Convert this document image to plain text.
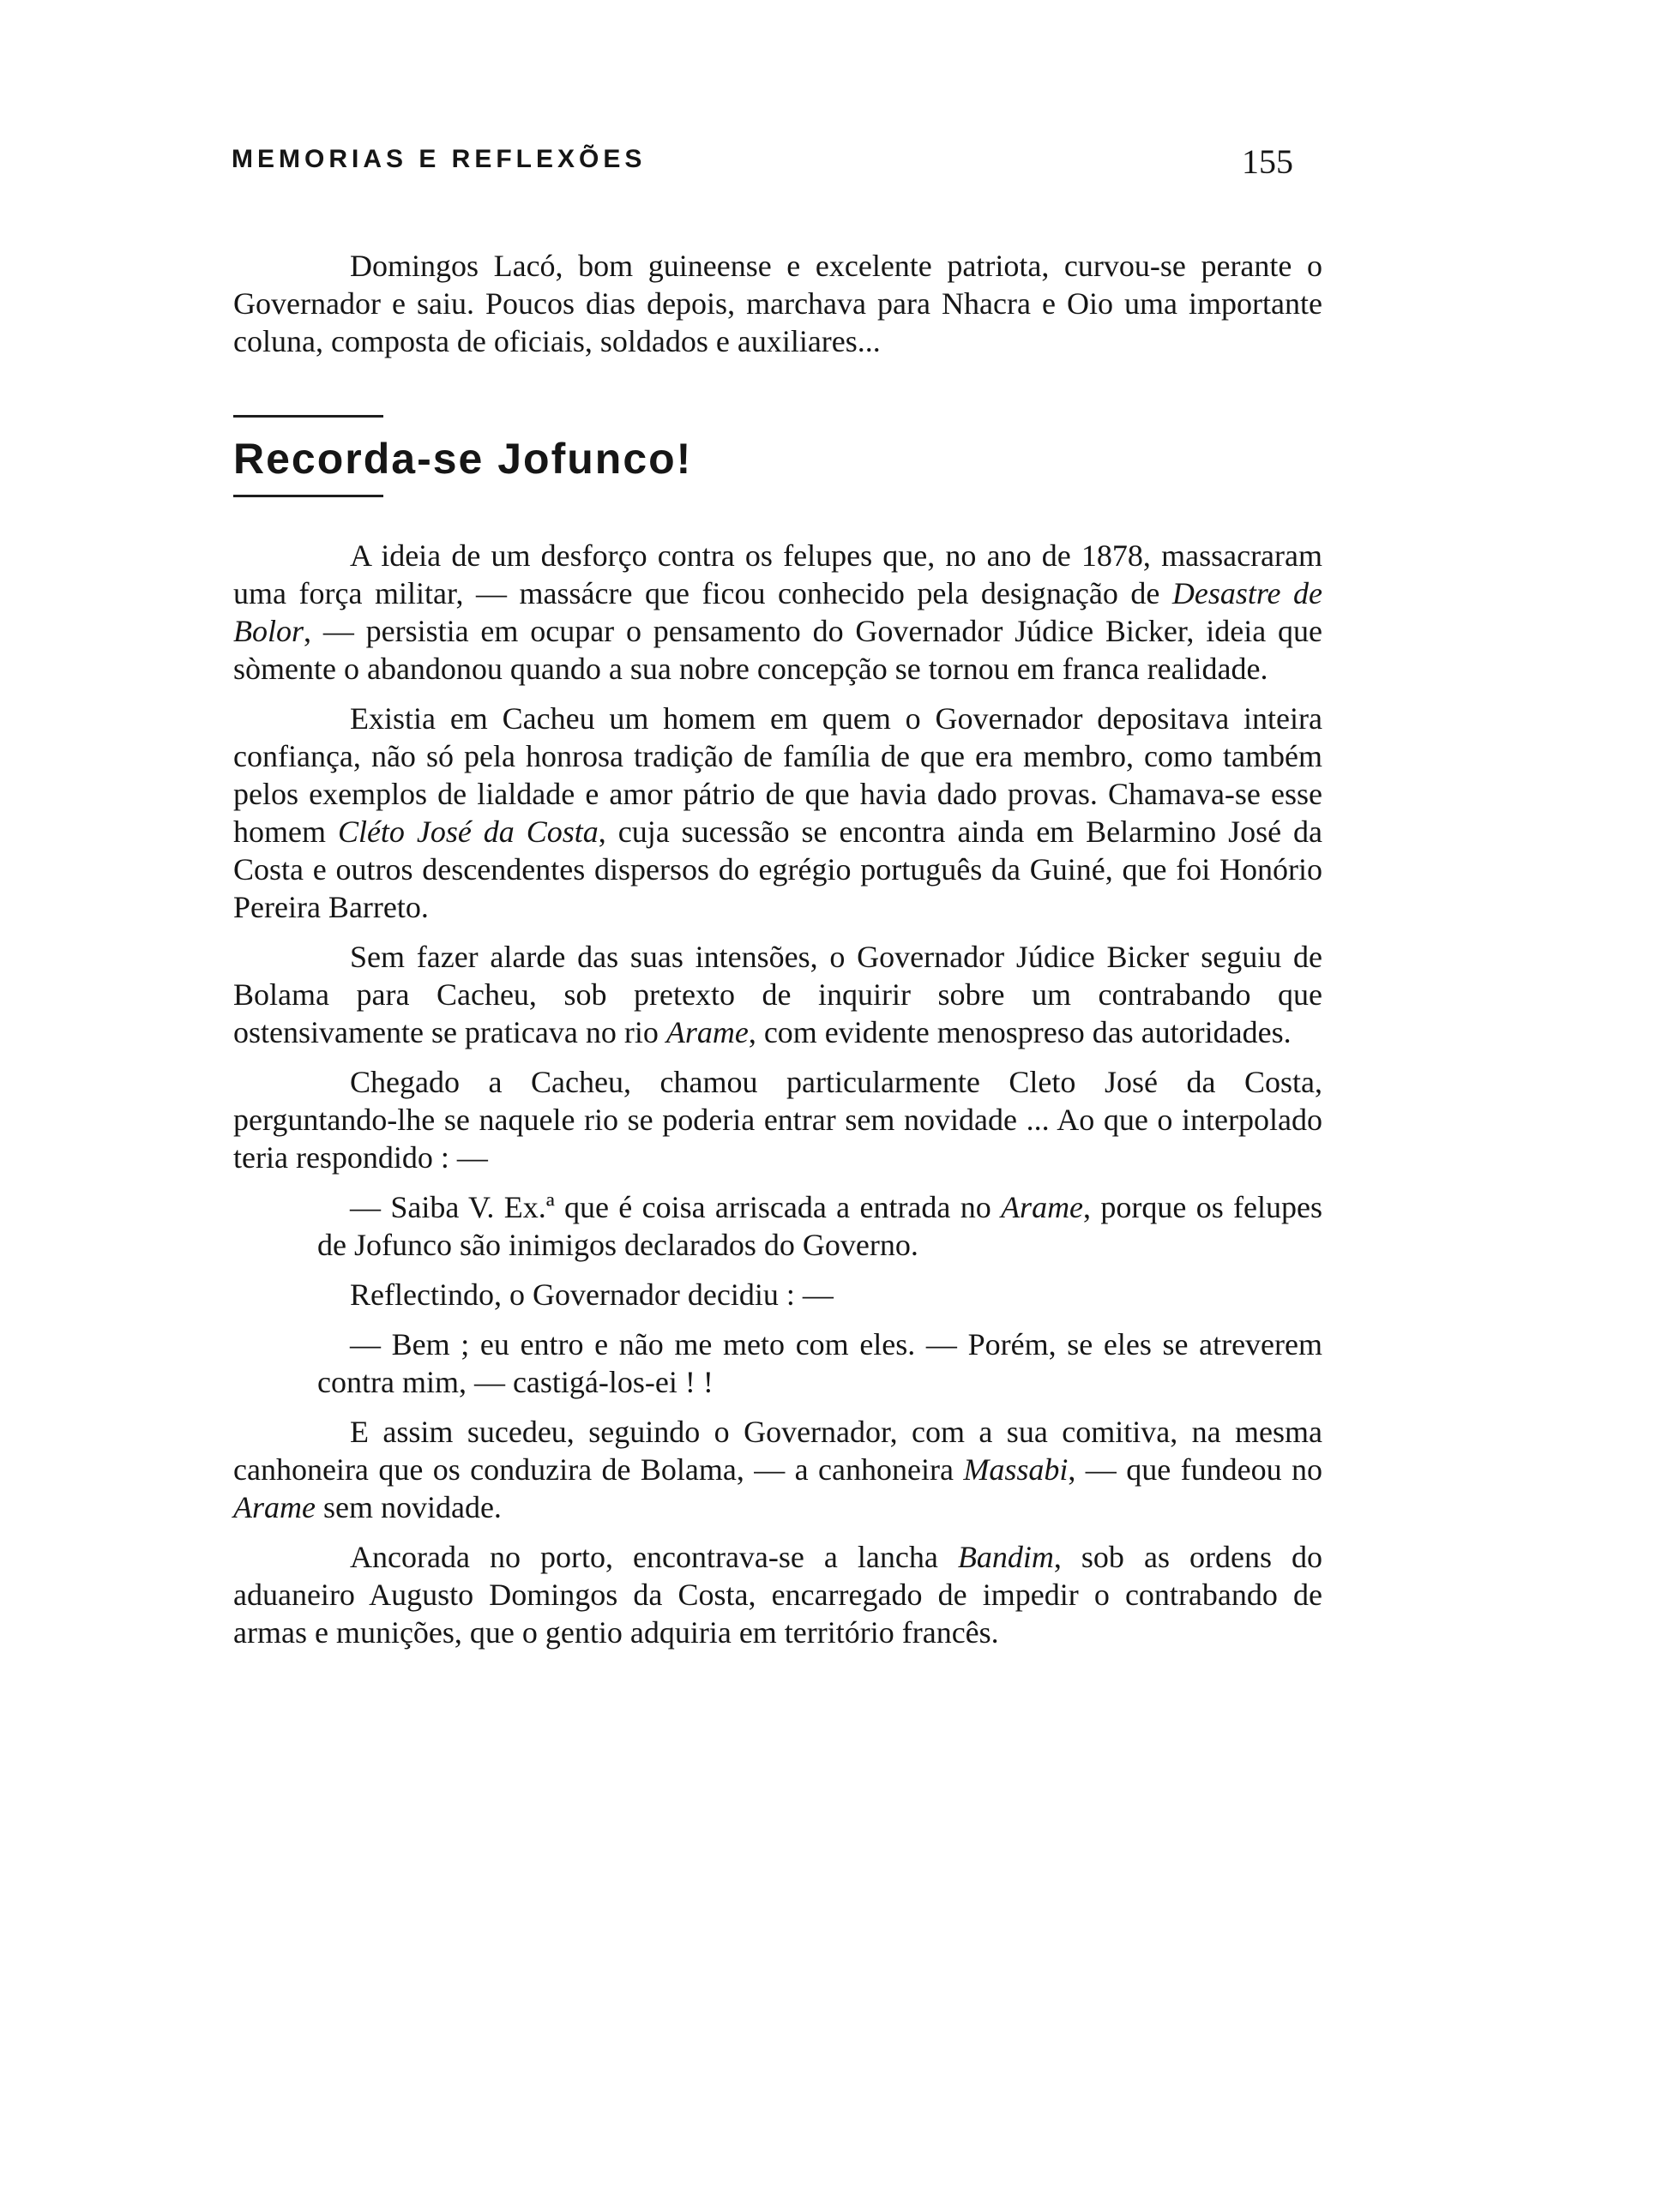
MEMORIAS E REFLEXÕES	155

Domingos Lacó, bom guineense e excelente patriota, curvou-se perante o Governador e saiu. Poucos dias depois, marchava para Nhacra e Oio uma importante coluna, composta de oficiais, soldados e auxiliares...

Recorda-se Jofunco!

A ideia de um desforço contra os felupes que, no ano de 1878, massacraram uma força militar, — massácre que ficou conhecido pela designação de Desastre de Bolor, — persistia em ocupar o pensamento do Governador Júdice Bicker, ideia que sòmente o abandonou quando a sua nobre concepção se tornou em franca realidade.

Existia em Cacheu um homem em quem o Governador depositava inteira confiança, não só pela honrosa tradição de família de que era membro, como também pelos exemplos de lialdade e amor pátrio de que havia dado provas. Chamava-se esse homem Cléto José da Costa, cuja sucessão se encontra ainda em Belarmino José da Costa e outros descendentes dispersos do egrégio português da Guiné, que foi Honório Pereira Barreto.

Sem fazer alarde das suas intensões, o Governador Júdice Bicker seguiu de Bolama para Cacheu, sob pretexto de inquirir sobre um contrabando que ostensivamente se praticava no rio Arame, com evidente menospreso das autoridades.

Chegado a Cacheu, chamou particularmente Cleto José da Costa, perguntando-lhe se naquele rio se poderia entrar sem novidade ... Ao que o interpolado teria respondido : —

— Saiba V. Ex.ª que é coisa arriscada a entrada no Arame, porque os felupes de Jofunco são inimigos declarados do Governo.

Reflectindo, o Governador decidiu : —

— Bem ; eu entro e não me meto com eles. — Porém, se eles se atreverem contra mim, — castigá-los-ei ! !

E assim sucedeu, seguindo o Governador, com a sua comitiva, na mesma canhoneira que os conduzira de Bolama, — a canhoneira Massabi, — que fundeou no Arame sem novidade.

Ancorada no porto, encontrava-se a lancha Bandim, sob as ordens do aduaneiro Augusto Domingos da Costa, encarregado de impedir o contrabando de armas e munições, que o gentio adquiria em território francês.
